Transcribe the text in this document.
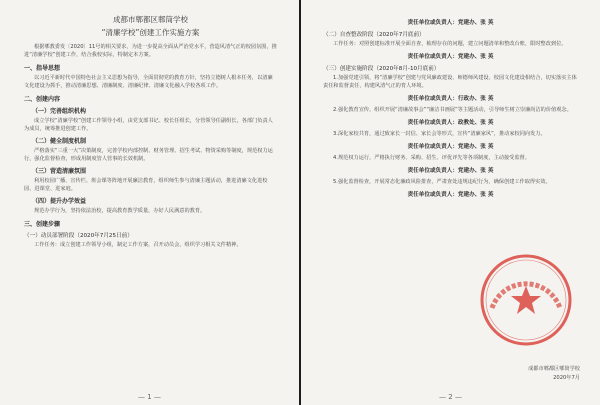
成都市郫都区郫筒学校
“清廉学校”创建工作实施方案

根据郫教委发〔2020〕11号的相关要求，为进一步提高全面从严治党水平，营造风清气正的校园氛围，推进“清廉学校”创建工作，结合我校实际，特制定本方案。

一、指导思想

以习近平新时代中国特色社会主义思想为指导，全面贯彻党的教育方针，坚持立德树人根本任务，以清廉文化建设为抓手，推动清廉思想、清廉制度、清廉纪律、清廉文化融入学校各项工作。

二、创建内容
（一）完善组织机构

成立学校“清廉学校”创建工作领导小组，由党支部书记、校长任组长，分管领导任副组长，各部门负责人为成员，统筹推进创建工作。

（二）健全制度机制

严格落实“三重一大”决策制度，完善学校内部控制、财务管理、招生考试、物资采购等制度，规范权力运行，强化监督检查，形成用制度管人管事的长效机制。

（三）营造清廉氛围

利用校园广播、宣传栏、班会课等阵地开展廉洁教育，组织师生参与清廉主题活动，推进清廉文化进校园、进课堂、进家庭。

（四）提升办学效益

规范办学行为，坚持依法治校，提高教育教学质量，办好人民满意的教育。

三、创建步骤
（一）动员部署阶段（2020年7月25日前）

工作任务：成立创建工作领导小组，制定工作方案，召开动员会，组织学习相关文件精神。

— 1 —
责任单位或负责人：党建办、张 英
（二）自查整改阶段（2020年7月底前）

工作任务：对照创建标准开展全面自查，梳理存在的问题，建立问题清单和整改台账，限时整改到位。

责任单位或负责人：党建办、张 英
（三）创建实施阶段（2020年8月-10月底前）

1.加强党建引领，将“清廉学校”创建与党风廉政建设、师德师风建设、校园文化建设相结合，切实落实主体责任和监督责任，构建风清气正的育人环境。

责任单位或负责人：行政办、张 英

2.强化教育宣传，组织开展“清廉故事会”“廉洁书画展”等主题活动，引导师生树立崇廉尚洁的价值观念。

责任单位或负责人：政教处、张 英

3.深化家校共育，通过致家长一封信、家长会等形式，宣传“清廉家风”，推动家校同向发力。

责任单位或负责人：党建办、张 英

4.规范权力运行，严格执行财务、采购、招生、评优评先等各项制度，主动接受监督。

责任单位或负责人：党建办、张 英

5.强化监督检查，开展常态化廉政风险排查，严肃查处违规违纪行为，确保创建工作取得实效。

责任单位或负责人：党建办、张 英
成都市郫都区郫筒学校
2020年7月
— 2 —
